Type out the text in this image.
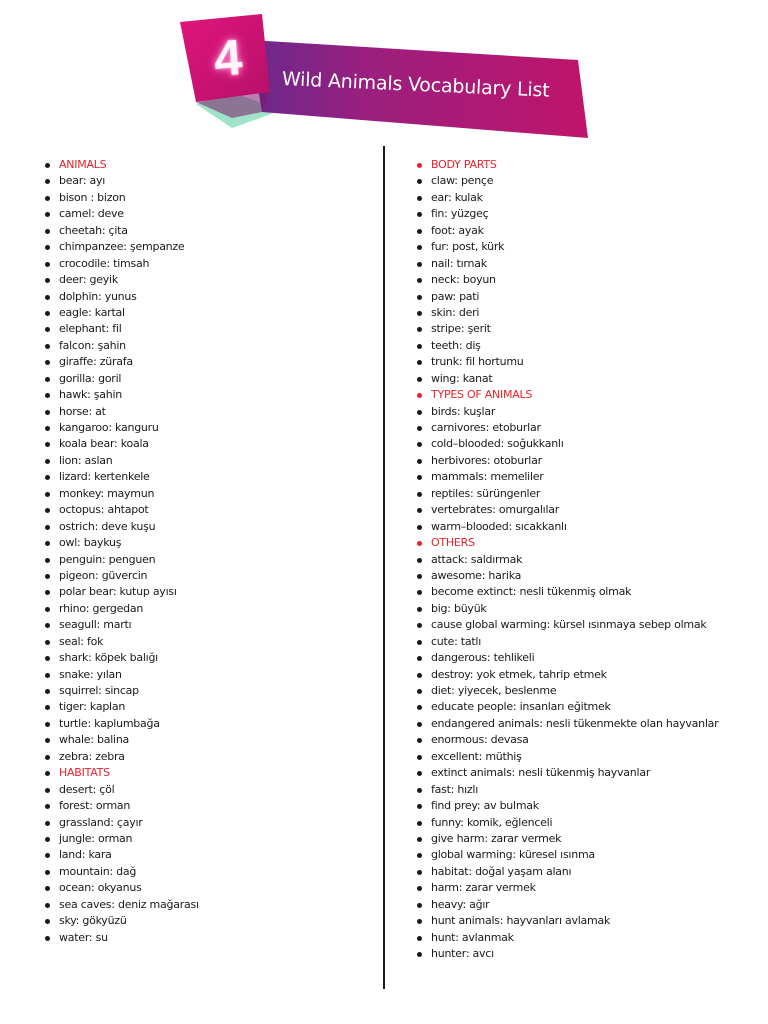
4	Wild Animals Vocabulary List
ANIMALS
bear: ayı
bison : bizon
camel: deve
cheetah: çita
chimpanzee: şempanze
crocodile: timsah
deer: geyik
dolphin: yunus
eagle: kartal
elephant: fil
falcon: şahin
giraffe: zürafa
gorilla: goril
hawk: şahin
horse: at
kangaroo: kanguru
koala bear: koala
lion: aslan
lizard: kertenkele
monkey: maymun
octopus: ahtapot
ostrich: deve kuşu
owl: baykuş
penguin: penguen
pigeon: güvercin
polar bear: kutup ayısı
rhino: gergedan
seagull: martı
seal: fok
shark: köpek balığı
snake: yılan
squirrel: sincap
tiger: kaplan
turtle: kaplumbağa
whale: balina
zebra: zebra
HABITATS
desert: çöl
forest: orman
grassland: çayır
jungle: orman
land: kara
mountain: dağ
ocean: okyanus
sea caves: deniz mağarası
sky: gökyüzü
water: su
BODY PARTS
claw: pençe
ear: kulak
fin: yüzgeç
foot: ayak
fur: post, kürk
nail: tırnak
neck: boyun
paw: pati
skin: deri
stripe: şerit
teeth: diş
trunk: fil hortumu
wing: kanat
TYPES OF ANIMALS
birds: kuşlar
carnivores: etoburlar
cold–blooded: soğukkanlı
herbivores: otoburlar
mammals: memeliler
reptiles: sürüngenler
vertebrates: omurgalılar
warm–blooded: sıcakkanlı
OTHERS
attack: saldırmak
awesome: harika
become extinct: nesli tükenmiş olmak
big: büyük
cause global warming: kürsel ısınmaya sebep olmak
cute: tatlı
dangerous: tehlikeli
destroy: yok etmek, tahrip etmek
diet: yiyecek, beslenme
educate people: insanları eğitmek
endangered animals: nesli tükenmekte olan hayvanlar
enormous: devasa
excellent: müthiş
extinct animals: nesli tükenmiş hayvanlar
fast: hızlı
find prey: av bulmak
funny: komik, eğlenceli
give harm: zarar vermek
global warming: küresel ısınma
habitat: doğal yaşam alanı
harm: zarar vermek
heavy: ağır
hunt animals: hayvanları avlamak
hunt: avlanmak
hunter: avcı
